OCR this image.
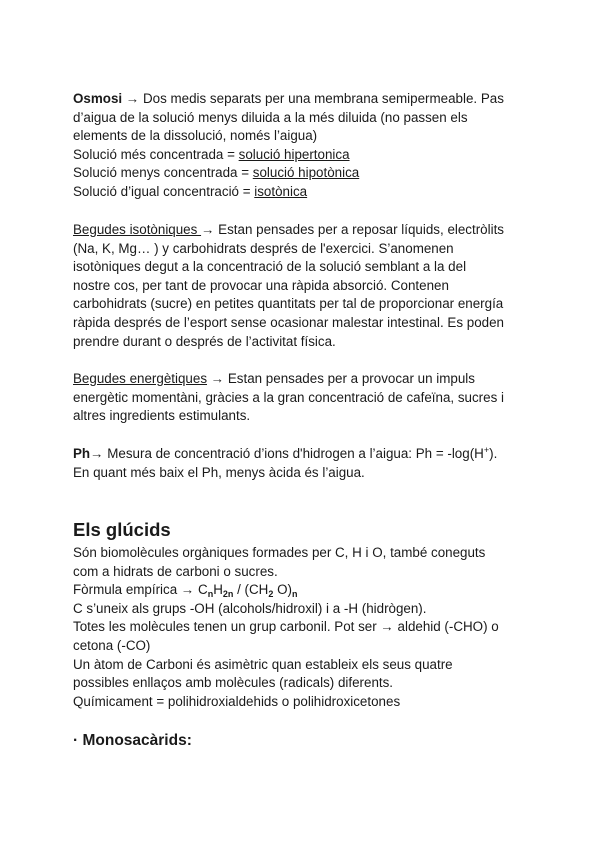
Osmosi → Dos medis separats per una membrana semipermeable. Pas
d’aigua de la solució menys diluida a la més diluida (no passen els
elements de la dissolució, només l’aigua)
Solució més concentrada = solució hipertonica
Solució menys concentrada = solució hipotònica
Solució d’igual concentració = isotònica
Begudes isotòniques → Estan pensades per a reposar líquids, electròlits
(Na, K, Mg… ) y carbohidrats després de l'exercici. S’anomenen
isotòniques degut a la concentració de la solució semblant a la del
nostre cos, per tant de provocar una ràpida absorció. Contenen
carbohidrats (sucre) en petites quantitats per tal de proporcionar energía
ràpida després de l’esport sense ocasionar malestar intestinal. Es poden
prendre durant o després de l’activitat física.
Begudes energètiques → Estan pensades per a provocar un impuls
energètic momentàni, gràcies a la gran concentració de cafeïna, sucres i
altres ingredients estimulants.
Ph→ Mesura de concentració d’ions d'hidrogen a l’aigua: Ph = -log(H+).
En quant més baix el Ph, menys àcida és l’aigua.
Els glúcids
Són biomolècules orgàniques formades per C, H i O, també coneguts
com a hidrats de carboni o sucres.
Fòrmula empírica → $C_nH_{2n} / (CH_2$ $O)_n$
C s’uneix als grups -OH (alcohols/hidroxil) i a -H (hidrògen).
Totes les molècules tenen un grup carbonil. Pot ser → aldehid (-CHO) o
cetona (-CO)
Un àtom de Carboni és asimètric quan estableix els seus quatre
possibles enllaços amb molècules (radicals) diferents.
Químicament = polihidroxialdehids o polihidroxicetones
· Monosacàrids:
